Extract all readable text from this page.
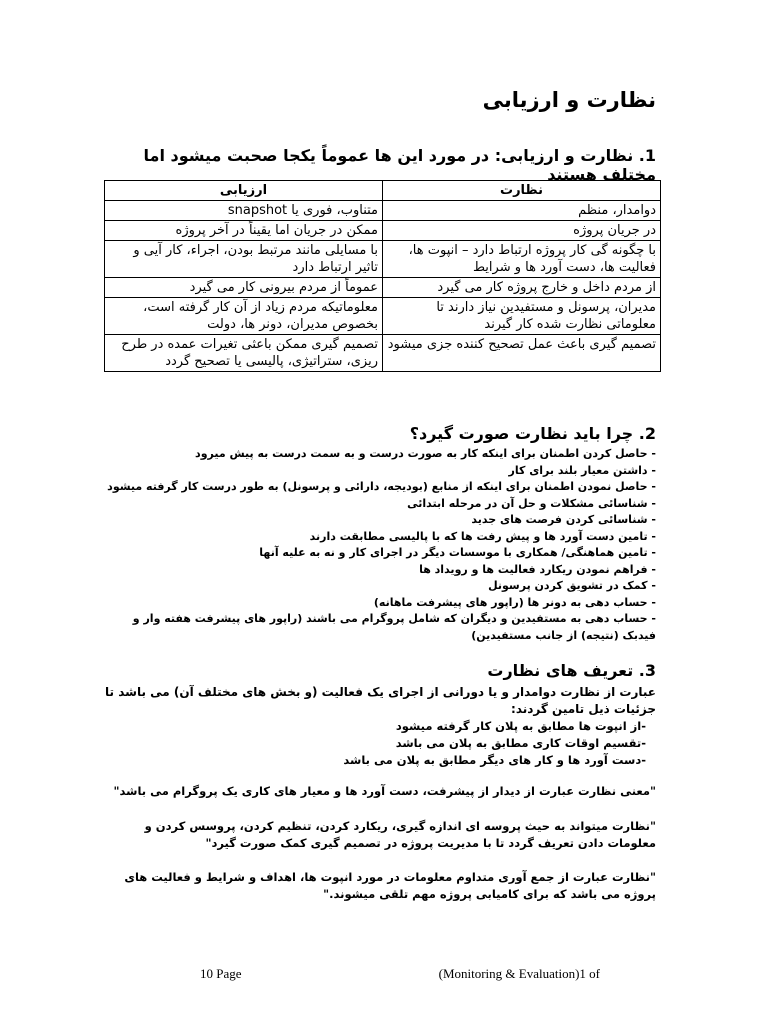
نظارت و ارزیابی

1. نظارت و ارزیابی: در مورد این ها عموماً یکجا صحبت میشود اما مختلف هستند

نظارت	ارزیابی
دوامدار، منظم	متناوب، فوری یا snapshot
در جریان پروژه	ممکن در جریان اما یقیناً در آخر پروژه
با چگونه گی کار پروژه ارتباط دارد – انپوت ها، فعالیت ها، دست آورد ها و شرایط	با مسایلی مانند مرتبط بودن، اجراء، کار آیی و تاثیر ارتباط دارد
از مردم داخل و خارج پروژه کار می گیرد	عموماً از مردم بیرونی کار می گیرد
مدیران، پرسونل و مستفیدین نیاز دارند تا معلوماتی نظارت شده کار گیرند	معلوماتیکه مردم زیاد از آن کار گرفته است، بخصوص مدیران، دونر ها، دولت
تصمیم گیری باعث عمل تصحیح کننده جزی میشود	تصمیم گیری ممکن باعثی تغیرات عمده در طرح ریزی، ستراتیژی، پالیسی یا تصحیح گردد

2. چرا باید نظارت صورت گیرد؟

- حاصل کردن اطمنان برای اینکه کار به صورت درست و به سمت درست به پیش میرود
- داشتن معیار بلند برای کار
- حاصل نمودن اطمنان برای اینکه از منابع (بودیجه، دارائی و پرسونل) به طور درست کار گرفته میشود
- شناسائی مشکلات و حل آن در مرحله ابتدائی
- شناسائی کردن فرصت های جدید
- تامین دست آورد ها و پیش رفت ها که با پالیسی مطابقت دارند
- تامین هماهنگی/ همکاری با موسسات دیگر در اجرای کار و نه به علیه آنها
- فراهم نمودن ریکارد فعالیت ها و رویداد ها
- کمک در تشویق کردن پرسونل
- حساب دهی به دونر ها (راپور های پیشرفت ماهانه)
- حساب دهی به مستفیدین و دیگران که شامل پروگرام می باشند (راپور های پیشرفت هفته وار و فیدبک (نتیجه) از جانب مستفیدین)

3. تعریف های نظارت

عبارت از نظارت دوامدار و یا دورانی از اجرای یک فعالیت (و بخش های مختلف آن) می باشد تا جزئیات ذیل تامین گردند:

-از انپوت ها مطابق به پلان کار گرفته میشود
-تقسیم اوقات کاری مطابق به پلان می باشد
-دست آورد ها و کار های دیگر مطابق به پلان می باشد

"معنی نظارت عبارت از دیدار از پیشرفت، دست آورد ها و معیار های کاری یک پروگرام می باشد"

"نظارت میتواند به حیث پروسه ای اندازه گیری، ریکارد کردن، تنظیم کردن، پروسس کردن و معلومات دادن تعریف گردد تا با مدیریت پروژه در تصمیم گیری کمک صورت گیرد"

"نظارت عبارت از جمع آوری متداوم معلومات در مورد انپوت ها، اهداف و شرایط و فعالیت های پروژه می باشد که برای کامیابی پروژه مهم تلقی میشوند."

10 Page	(Monitoring & Evaluation)1 of
